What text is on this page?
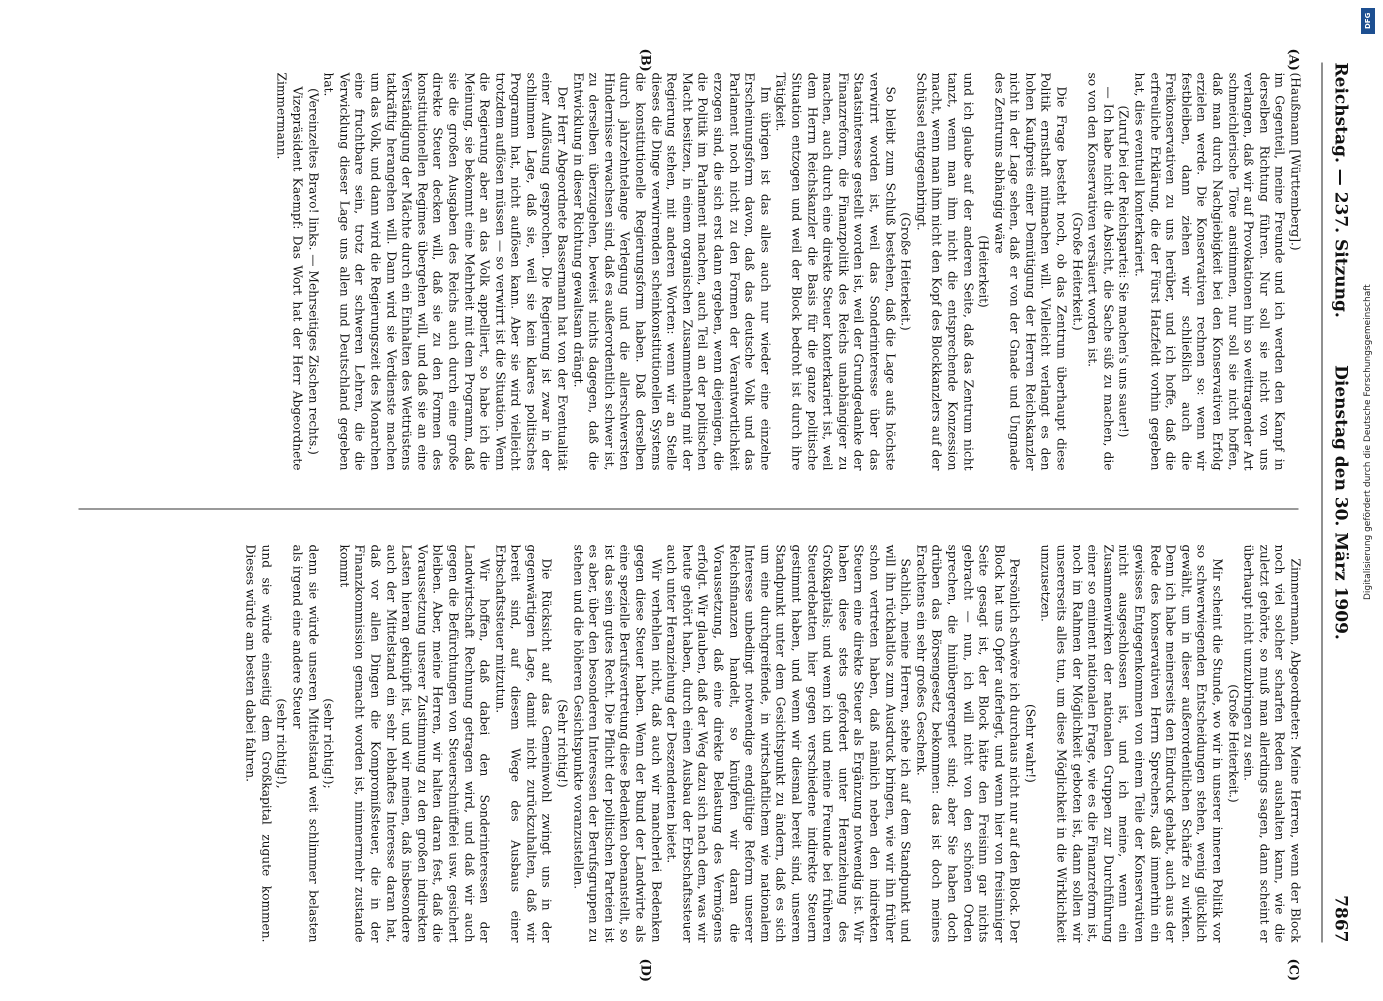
Reichstag. — 237. Sitzung.
Dienstag den 30. März 1909.
7867
(A)
(B)
(C)
(D)

(Haußmann [Württemberg].)

im Gegenteil, meine Freunde und ich werden den Kampf in derselben Richtung führen. Nur soll sie nicht von uns verlangen, daß wir auf Provokationen hin so weittragender Art schmeichlerische Töne anstimmen, nur soll sie nicht hoffen, daß man durch Nachgiebigkeit bei den Konservativen Erfolg erzielen werde. Die Konservativen rechnen so: wenn wir festbleiben, dann ziehen wir schließlich auch die Freikonservativen zu uns herüber, und ich hoffe, daß die erfreuliche Erklärung, die der Fürst Hatzfeldt vorhin gegeben hat, dies eventuell konterkariert.

(Zuruf bei der Reichspartei: Sie machen's uns sauer!)

— Ich habe nicht die Absicht, die Sache süß zu machen, die so von den Konservativen versäuert worden ist.

(Große Heiterkeit.)

Die Frage besteht noch, ob das Zentrum überhaupt diese Politik ernsthaft mitmachen will. Vielleicht verlangt es den hohen Kaufpreis einer Demütigung der Herren Reichskanzler nicht in der Lage sehen, daß er von der Gnade und Ungnade des Zentrums abhängig wäre

(Heiterkeit)

und ich glaube auf der anderen Seite, daß das Zentrum nicht tanzt, wenn man ihm nicht die entsprechende Konzession macht, wenn man ihm nicht den Kopf des Blockkanzlers auf der Schüssel entgegenbringt.

(Große Heiterkeit.)

So bleibt zum Schluß bestehen, daß die Lage aufs höchste verwirrt worden ist, weil das Sonderinteresse über das Staatsinteresse gestellt worden ist, weil der Grundgedanke der Finanzreform, die Finanzpolitik des Reichs unabhängiger zu machen, auch durch eine direkte Steuer konterkariert ist, weil dem Herrn Reichskanzler die Basis für die ganze politische Situation entzogen und weil der Block bedroht ist durch ihre Tätigkeit.

Im übrigen ist das alles auch nur wieder eine einzelne Erscheinungsform davon, daß das deutsche Volk und das Parlament noch nicht zu den Formen der Verantwortlichkeit erzogen sind, die sich erst dann ergeben, wenn diejenigen, die die Politik im Parlament machen, auch Teil an der politischen Macht besitzen, in einem organischen Zusammenhang mit der Regierung stehen, mit anderen Worten: wenn wir an Stelle dieses die Dinge verwirrenden scheinkonstitutionellen Systems die konstitutionelle Regierungsform haben. Daß derselben durch jahrzehntelange Verlegung und die allerschwersten Hindernisse erwachsen sind, daß es außerordentlich schwer ist, zu derselben überzugehen, beweist nichts dagegen, daß die Entwicklung in dieser Richtung gewaltsam drängt.

Der Herr Abgeordnete Bassermann hat von der Eventualität einer Auflösung gesprochen. Die Regierung ist zwar in der schlimmen Lage, daß sie, weil sie kein klares politisches Programm hat, nicht auflösen kann. Aber sie wird vielleicht trotzdem auflösen müssen — so verwirrt ist die Situation. Wenn die Regierung aber an das Volk appelliert, so habe ich die Meinung, sie bekommt eine Mehrheit mit dem Programm, daß sie die großen Ausgaben des Reichs auch durch eine große direkte Steuer decken will, daß sie zu den Formen des konstitutionellen Regimes übergehen will, und daß sie an eine Verständigung der Mächte durch ein Einhalten des Wettrüstens tatkräftig herangehen will. Dann wird sie Verdienste machen um das Volk, und dann wird die Regierungszeit des Monarchen eine fruchtbare sein, trotz der schweren Lehren, die die Verwicklung dieser Lage uns allen und Deutschland gegeben hat.

(Vereinzeltes Bravo! links. — Mehrseitiges Zischen rechts.)

Vizepräsident Kaempf: Das Wort hat der Herr Abgeordnete Zimmermann.

Zimmermann, Abgeordneter: Meine Herren, wenn der Block noch viel solcher scharfen Reden aushalten kann, wie die zuletzt gehörte, so muß man allerdings sagen, dann scheint er überhaupt nicht umzubringen zu sein.

(Große Heiterkeit.)

Mir scheint die Stunde, wo wir in unserer inneren Politik vor so schwerwiegenden Entscheidungen stehen, wenig glücklich gewählt, um in dieser außerordentlichen Schärfe zu wirken. Denn ich habe meinerseits den Eindruck gehabt, auch aus der Rede des konservativen Herrn Sprechers, daß immerhin ein gewisses Entgegenkommen von einem Teile der Konservativen nicht ausgeschlossen ist, und ich meine, wenn ein Zusammenwirken der nationalen Gruppen zur Durchführung einer so eminent nationalen Frage, wie es die Finanzreform ist, noch im Rahmen der Möglichkeit geboten ist, dann sollen wir unsererseits alles tun, um diese Möglichkeit in die Wirklichkeit umzusetzen.

(Sehr wahr!)

Persönlich schwöre ich durchaus nicht nur auf den Block. Der Block hat uns Opfer auferlegt, und wenn hier von freisinniger Seite gesagt ist, der Block hätte den Freisinn gar nichts gebracht — nun, ich will nicht von den schönen Orden sprechen, die hinübergeregnet sind; aber Sie haben doch drüben das Börsengesetz bekommen: das ist doch meines Erachtens ein sehr großes Geschenk.

Sachlich, meine Herren, stehe ich auf dem Standpunkt und will ihn rückhaltlos zum Ausdruck bringen, wie wir ihn früher schon vertreten haben, daß nämlich neben den indirekten Steuern eine direkte Steuer als Ergänzung notwendig ist. Wir haben diese stets gefordert unter Heranziehung des Großkapitals; und wenn ich und meine Freunde bei früheren Steuerdebatten hier gegen verschiedene indirekte Steuern gestimmt haben, und wenn wir diesmal bereit sind, unseren Standpunkt unter dem Gesichtspunkt zu ändern, daß es sich um eine durchgreifende, in wirtschaftlichem wie nationalem Interesse unbedingt notwendige endgültige Reform unserer Reichsfinanzen handelt, so knüpfen wir daran die Voraussetzung, daß eine direkte Belastung des Vermögens erfolgt. Wir glauben, daß der Weg dazu sich nach dem, was wir heute gehört haben, durch einen Ausbau der Erbschaftssteuer auch unter Heranziehung der Deszendenten bietet.

Wir verhehlen nicht, daß auch wir mancherlei Bedenken gegen diese Steuer haben. Wenn der Bund der Landwirte als eine spezielle Berufsvertretung diese Bedenken obenanstellt, so ist das sein gutes Recht. Die Pflicht der politischen Parteien ist es aber, über den besonderen Interessen der Berufsgruppen zu stehen und die höheren Gesichtspunkte voranzustellen.

(Sehr richtig!)

Die Rücksicht auf das Gemeinwohl zwingt uns in der gegenwärtigen Lage, damit nicht zurückzuhalten, daß wir bereit sind, auf diesem Wege des Ausbaus einer Erbschaftssteuer mitzutun.

Wir hoffen, daß dabei den Sonderinteressen der Landwirtschaft Rechnung getragen wird, und daß wir auch gegen die Befürchtungen von Steuerschnüffelei usw. gesichert bleiben. Aber, meine Herren, wir halten daran fest, daß die Voraussetzung unserer Zustimmung zu den großen indirekten Lasten hieran geknüpft ist, und wir meinen, daß insbesondere auch der Mittelstand ein sehr lebhaftes Interesse daran hat, daß vor allen Dingen die Kompromißsteuer, die in der Finanzkommission gemacht worden ist, nimmermehr zustande kommt

(sehr richtig!);

denn sie würde unseren Mittelstand weit schlimmer belasten als irgend eine andere Steuer

(sehr richtig!),

und sie würde einseitig dem Großkapital zugute kommen. Dieses würde am besten dabei fahren.

DFG
Digitalisierung gefördert durch die Deutsche Forschungsgemeinschaft
